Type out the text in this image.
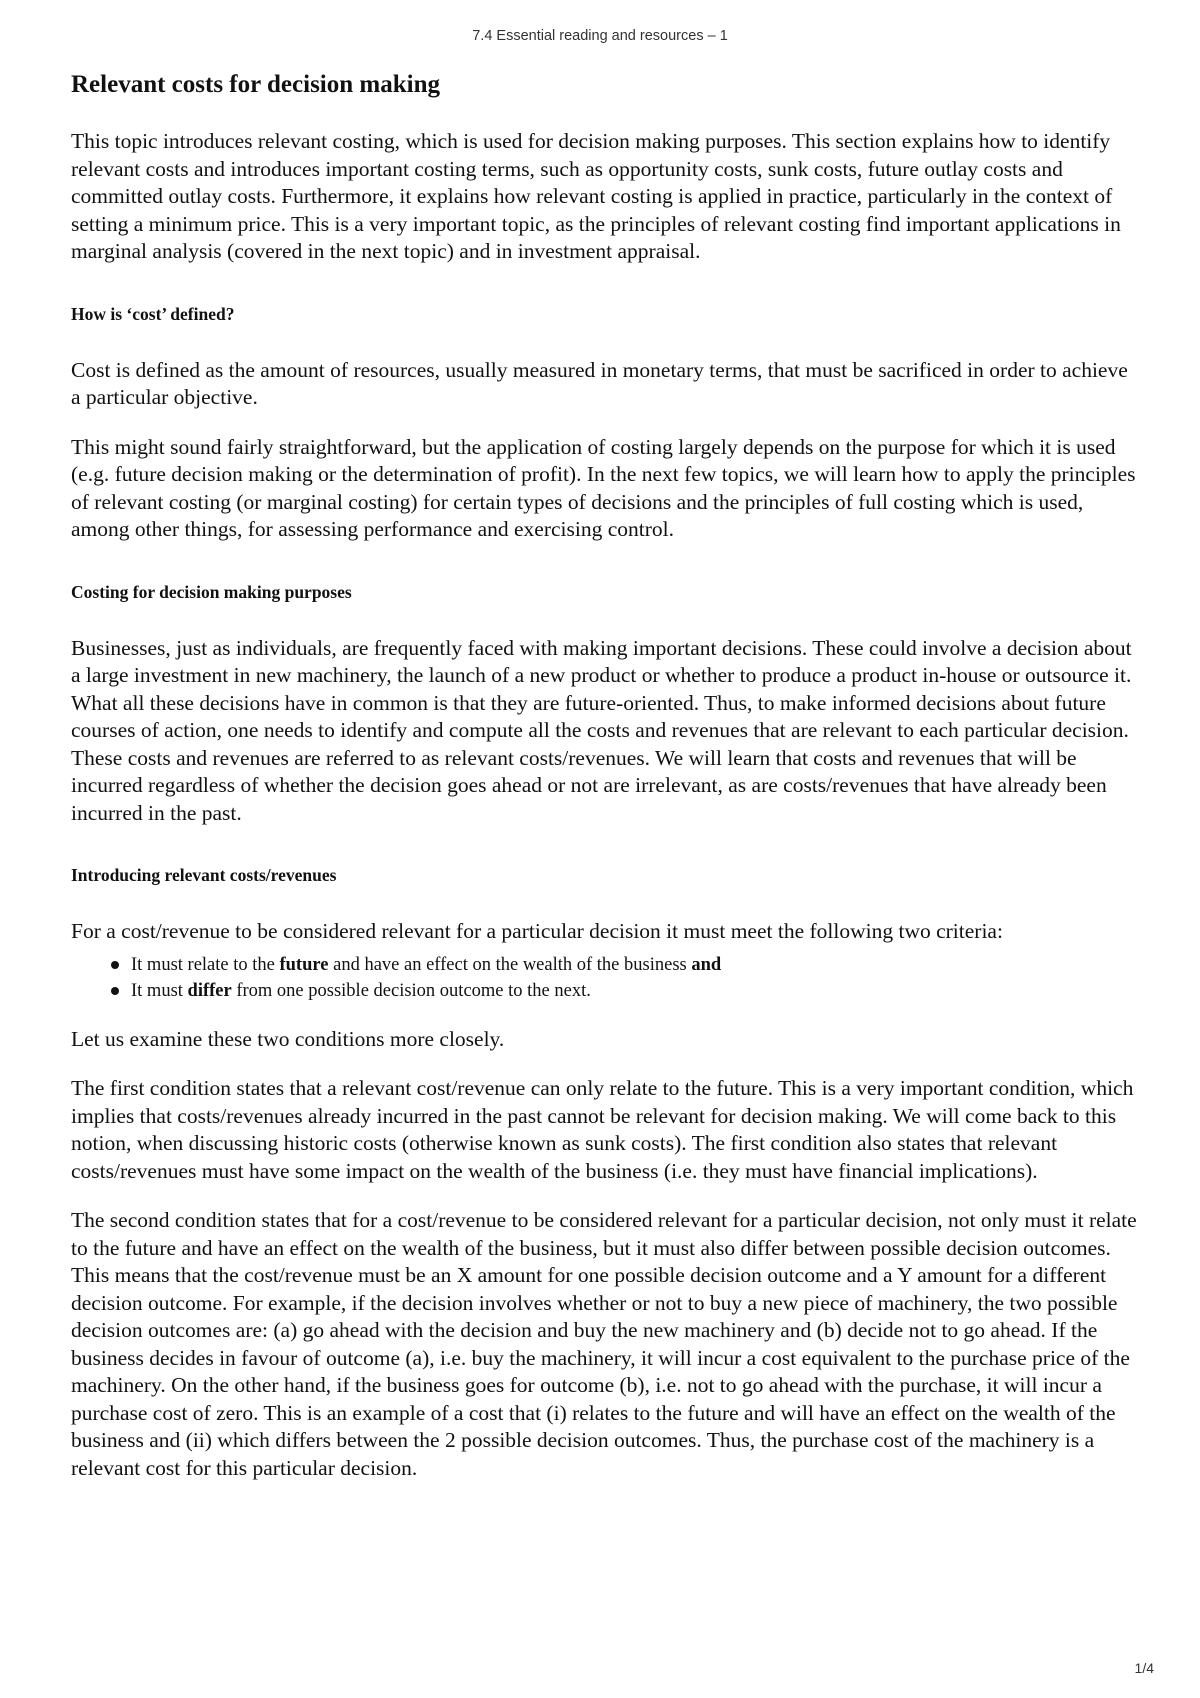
7.4 Essential reading and resources – 1
Relevant costs for decision making

This topic introduces relevant costing, which is used for decision making purposes. This section explains how to identify relevant costs and introduces important costing terms, such as opportunity costs, sunk costs, future outlay costs and committed outlay costs. Furthermore, it explains how relevant costing is applied in practice, particularly in the context of setting a minimum price. This is a very important topic, as the principles of relevant costing find important applications in marginal analysis (covered in the next topic) and in investment appraisal.

How is ‘cost’ defined?

Cost is defined as the amount of resources, usually measured in monetary terms, that must be sacrificed in order to achieve a particular objective.

This might sound fairly straightforward, but the application of costing largely depends on the purpose for which it is used (e.g. future decision making or the determination of profit). In the next few topics, we will learn how to apply the principles of relevant costing (or marginal costing) for certain types of decisions and the principles of full costing which is used, among other things, for assessing performance and exercising control.

Costing for decision making purposes

Businesses, just as individuals, are frequently faced with making important decisions. These could involve a decision about a large investment in new machinery, the launch of a new product or whether to produce a product in-house or outsource it. What all these decisions have in common is that they are future-oriented. Thus, to make informed decisions about future courses of action, one needs to identify and compute all the costs and revenues that are relevant to each particular decision. These costs and revenues are referred to as relevant costs/revenues. We will learn that costs and revenues that will be incurred regardless of whether the decision goes ahead or not are irrelevant, as are costs/revenues that have already been incurred in the past.

Introducing relevant costs/revenues

For a cost/revenue to be considered relevant for a particular decision it must meet the following two criteria:

It must relate to the future and have an effect on the wealth of the business and
It must differ from one possible decision outcome to the next.

Let us examine these two conditions more closely.

The first condition states that a relevant cost/revenue can only relate to the future. This is a very important condition, which implies that costs/revenues already incurred in the past cannot be relevant for decision making. We will come back to this notion, when discussing historic costs (otherwise known as sunk costs). The first condition also states that relevant costs/revenues must have some impact on the wealth of the business (i.e. they must have financial implications).

The second condition states that for a cost/revenue to be considered relevant for a particular decision, not only must it relate to the future and have an effect on the wealth of the business, but it must also differ between possible decision outcomes. This means that the cost/revenue must be an X amount for one possible decision outcome and a Y amount for a different decision outcome. For example, if the decision involves whether or not to buy a new piece of machinery, the two possible decision outcomes are: (a) go ahead with the decision and buy the new machinery and (b) decide not to go ahead. If the business decides in favour of outcome (a), i.e. buy the machinery, it will incur a cost equivalent to the purchase price of the machinery. On the other hand, if the business goes for outcome (b), i.e. not to go ahead with the purchase, it will incur a purchase cost of zero. This is an example of a cost that (i) relates to the future and will have an effect on the wealth of the business and (ii) which differs between the 2 possible decision outcomes. Thus, the purchase cost of the machinery is a relevant cost for this particular decision.

1/4
